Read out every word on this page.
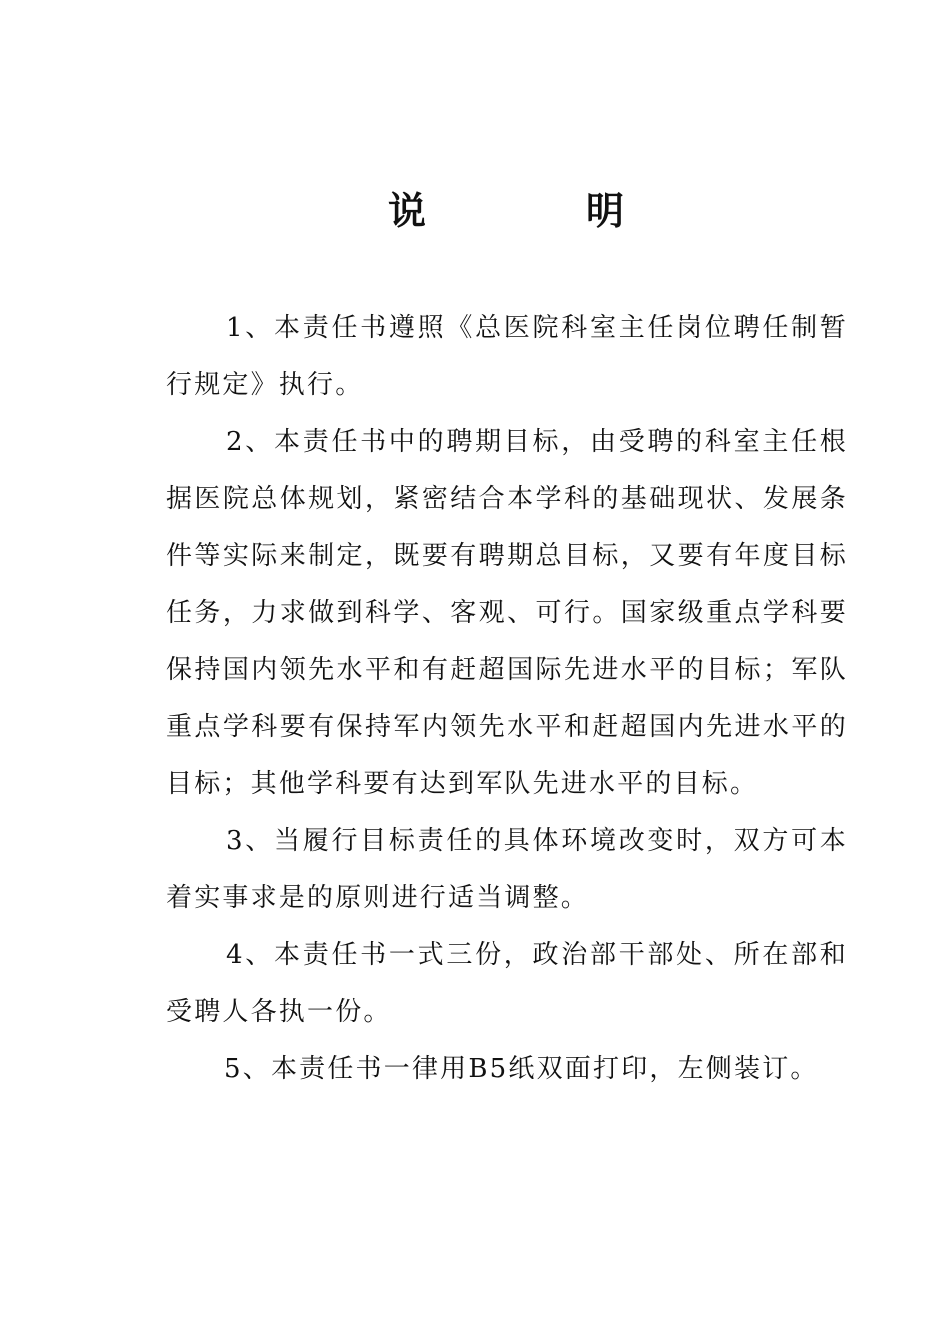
说	明

1、本责任书遵照《总医院科室主任岗位聘任制暂行规定》执行。

2、本责任书中的聘期目标，由受聘的科室主任根据医院总体规划，紧密结合本学科的基础现状、发展条件等实际来制定，既要有聘期总目标，又要有年度目标任务，力求做到科学、客观、可行。国家级重点学科要保持国内领先水平和有赶超国际先进水平的目标；军队重点学科要有保持军内领先水平和赶超国内先进水平的目标；其他学科要有达到军队先进水平的目标。

3、当履行目标责任的具体环境改变时，双方可本着实事求是的原则进行适当调整。

4、本责任书一式三份，政治部干部处、所在部和受聘人各执一份。

5、本责任书一律用B5纸双面打印，左侧装订。
